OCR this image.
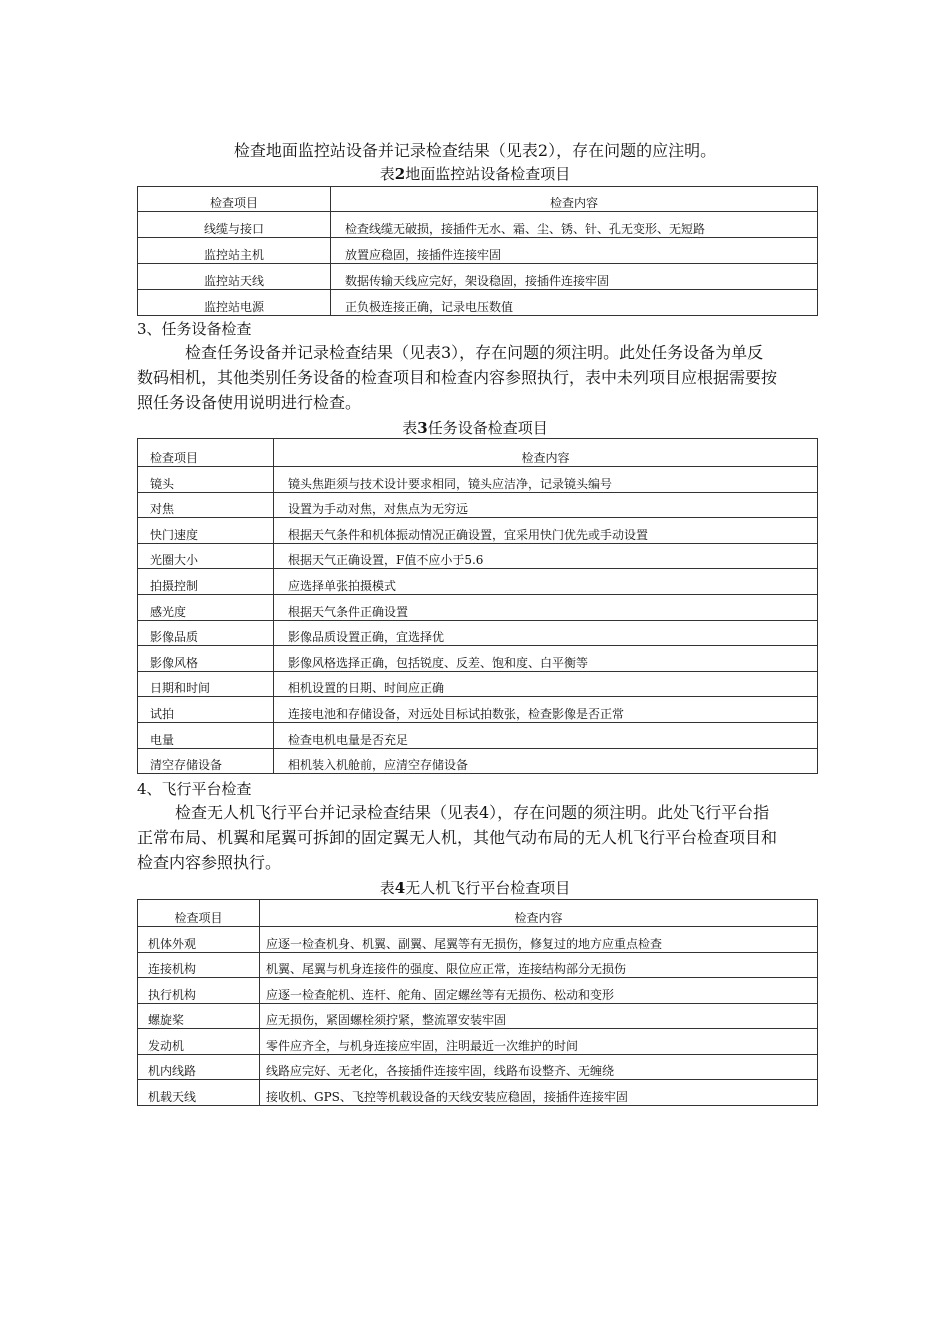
检查地面监控站设备并记录检查结果（见表2），存在问题的应注明。
表2地面监控站设备检查项目
检查项目	检查内容
线缆与接口	检查线缆无破损，接插件无水、霜、尘、锈、针、孔无变形、无短路
监控站主机	放置应稳固，接插件连接牢固
监控站天线	数据传输天线应完好，架设稳固，接插件连接牢固
监控站电源	正负极连接正确，记录电压数值
3、任务设备检查
检查任务设备并记录检查结果（见表3），存在问题的须注明。此处任务设备为单反
数码相机，其他类别任务设备的检查项目和检查内容参照执行，表中未列项目应根据需要按
照任务设备使用说明进行检查。
表3任务设备检查项目
检查项目	检查内容
镜头	镜头焦距须与技术设计要求相同，镜头应洁净，记录镜头编号
对焦	设置为手动对焦，对焦点为无穷远
快门速度	根据天气条件和机体振动情况正确设置，宜采用快门优先或手动设置
光圈大小	根据天气正确设置，F值不应小于5.6
拍摄控制	应选择单张拍摄模式
感光度	根据天气条件正确设置
影像品质	影像品质设置正确，宜选择优
影像风格	影像风格选择正确，包括锐度、反差、饱和度、白平衡等
日期和时间	相机设置的日期、时间应正确
试拍	连接电池和存储设备，对远处目标试拍数张，检查影像是否正常
电量	检查电机电量是否充足
清空存储设备	相机装入机舱前，应清空存储设备
4、飞行平台检查
检查无人机飞行平台并记录检查结果（见表4），存在问题的须注明。此处飞行平台指
正常布局、机翼和尾翼可拆卸的固定翼无人机，其他气动布局的无人机飞行平台检查项目和
检查内容参照执行。
表4无人机飞行平台检查项目
检查项目	检查内容
机体外观	应逐一检查机身、机翼、副翼、尾翼等有无损伤，修复过的地方应重点检查
连接机构	机翼、尾翼与机身连接件的强度、限位应正常，连接结构部分无损伤
执行机构	应逐一检查舵机、连杆、舵角、固定螺丝等有无损伤、松动和变形
螺旋桨	应无损伤，紧固螺栓须拧紧，整流罩安装牢固
发动机	零件应齐全，与机身连接应牢固，注明最近一次维护的时间
机内线路	线路应完好、无老化，各接插件连接牢固，线路布设整齐、无缠绕
机载天线	接收机、GPS、飞控等机载设备的天线安装应稳固，接插件连接牢固
